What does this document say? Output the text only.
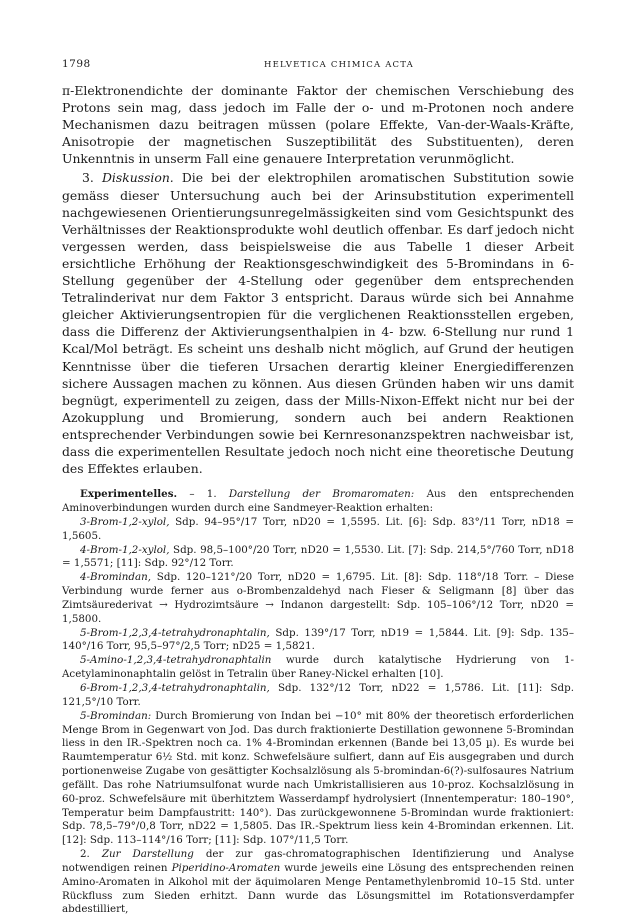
1798	HELVETICA CHIMICA ACTA

π-Elektronendichte der dominante Faktor der chemischen Verschiebung des Protons sein mag, dass jedoch im Falle der o- und m-Protonen noch andere Mechanismen dazu beitragen müssen (polare Effekte, Van-der-Waals-Kräfte, Anisotropie der magnetischen Suszeptibilität des Substituenten), deren Unkenntnis in unserm Fall eine genauere Interpretation verunmöglicht.

3. Diskussion. Die bei der elektrophilen aromatischen Substitution sowie gemäss dieser Untersuchung auch bei der Arinsubstitution experimentell nachgewiesenen Orientierungsunregelmässigkeiten sind vom Gesichtspunkt des Verhältnisses der Reaktionsprodukte wohl deutlich offenbar. Es darf jedoch nicht vergessen werden, dass beispielsweise die aus Tabelle 1 dieser Arbeit ersichtliche Erhöhung der Reaktionsgeschwindigkeit des 5-Bromindans in 6-Stellung gegenüber der 4-Stellung oder gegenüber dem entsprechenden Tetralinderivat nur dem Faktor 3 entspricht. Daraus würde sich bei Annahme gleicher Aktivierungsentropien für die verglichenen Reaktionsstellen ergeben, dass die Differenz der Aktivierungsenthalpien in 4- bzw. 6-Stellung nur rund 1 Kcal/Mol beträgt. Es scheint uns deshalb nicht möglich, auf Grund der heutigen Kenntnisse über die tieferen Ursachen derartig kleiner Energiedifferenzen sichere Aussagen machen zu können. Aus diesen Gründen haben wir uns damit begnügt, experimentell zu zeigen, dass der Mills-Nixon-Effekt nicht nur bei der Azokupplung und Bromierung, sondern auch bei andern Reaktionen entsprechender Verbindungen sowie bei Kernresonanzspektren nachweisbar ist, dass die experimentellen Resultate jedoch noch nicht eine theoretische Deutung des Effektes erlauben.

Experimentelles. – 1. Darstellung der Bromaromaten: Aus den entsprechenden Aminoverbindungen wurden durch eine Sandmeyer-Reaktion erhalten:

3-Brom-1,2-xylol, Sdp. 94–95°/17 Torr, nD20 = 1,5595. Lit. [6]: Sdp. 83°/11 Torr, nD18 = 1,5605.

4-Brom-1,2-xylol, Sdp. 98,5–100°/20 Torr, nD20 = 1,5530. Lit. [7]: Sdp. 214,5°/760 Torr, nD18 = 1,5571; [11]: Sdp. 92°/12 Torr.

4-Bromindan, Sdp. 120–121°/20 Torr, nD20 = 1,6795. Lit. [8]: Sdp. 118°/18 Torr. – Diese Verbindung wurde ferner aus o-Brombenzaldehyd nach Fieser & Seligmann [8] über das Zimtsäurederivat → Hydrozimtsäure → Indanon dargestellt: Sdp. 105–106°/12 Torr, nD20 = 1,5800.

5-Brom-1,2,3,4-tetrahydronaphtalin, Sdp. 139°/17 Torr, nD19 = 1,5844. Lit. [9]: Sdp. 135–140°/16 Torr, 95,5–97°/2,5 Torr; nD25 = 1,5821.

5-Amino-1,2,3,4-tetrahydronaphtalin wurde durch katalytische Hydrierung von 1-Acetylaminonaphtalin gelöst in Tetralin über Raney-Nickel erhalten [10].

6-Brom-1,2,3,4-tetrahydronaphtalin, Sdp. 132°/12 Torr, nD22 = 1,5786. Lit. [11]: Sdp. 121,5°/10 Torr.

5-Bromindan: Durch Bromierung von Indan bei −10° mit 80% der theoretisch erforderlichen Menge Brom in Gegenwart von Jod. Das durch fraktionierte Destillation gewonnene 5-Bromindan liess in den IR.-Spektren noch ca. 1% 4-Bromindan erkennen (Bande bei 13,05 µ). Es wurde bei Raumtemperatur 6½ Std. mit konz. Schwefelsäure sulfiert, dann auf Eis ausgegraben und durch portionenweise Zugabe von gesättigter Kochsalzlösung als 5-bromindan-6(?)-sulfosaures Natrium gefällt. Das rohe Natriumsulfonat wurde nach Umkristallisieren aus 10-proz. Kochsalzlösung in 60-proz. Schwefelsäure mit überhitztem Wasserdampf hydrolysiert (Innentemperatur: 180–190°, Temperatur beim Dampfaustritt: 140°). Das zurückgewonnene 5-Bromindan wurde fraktioniert: Sdp. 78,5–79°/0,8 Torr, nD22 = 1,5805. Das IR.-Spektrum liess kein 4-Bromindan erkennen. Lit. [12]: Sdp. 113–114°/16 Torr; [11]: Sdp. 107°/11,5 Torr.

2. Zur Darstellung der zur gas-chromatographischen Identifizierung und Analyse notwendigen reinen Piperidino-Aromaten wurde jeweils eine Lösung des entsprechenden reinen Amino-Aromaten in Alkohol mit der äquimolaren Menge Pentamethylenbromid 10–15 Std. unter Rückfluss zum Sieden erhitzt. Dann wurde das Lösungsmittel im Rotationsverdampfer abdestilliert,
